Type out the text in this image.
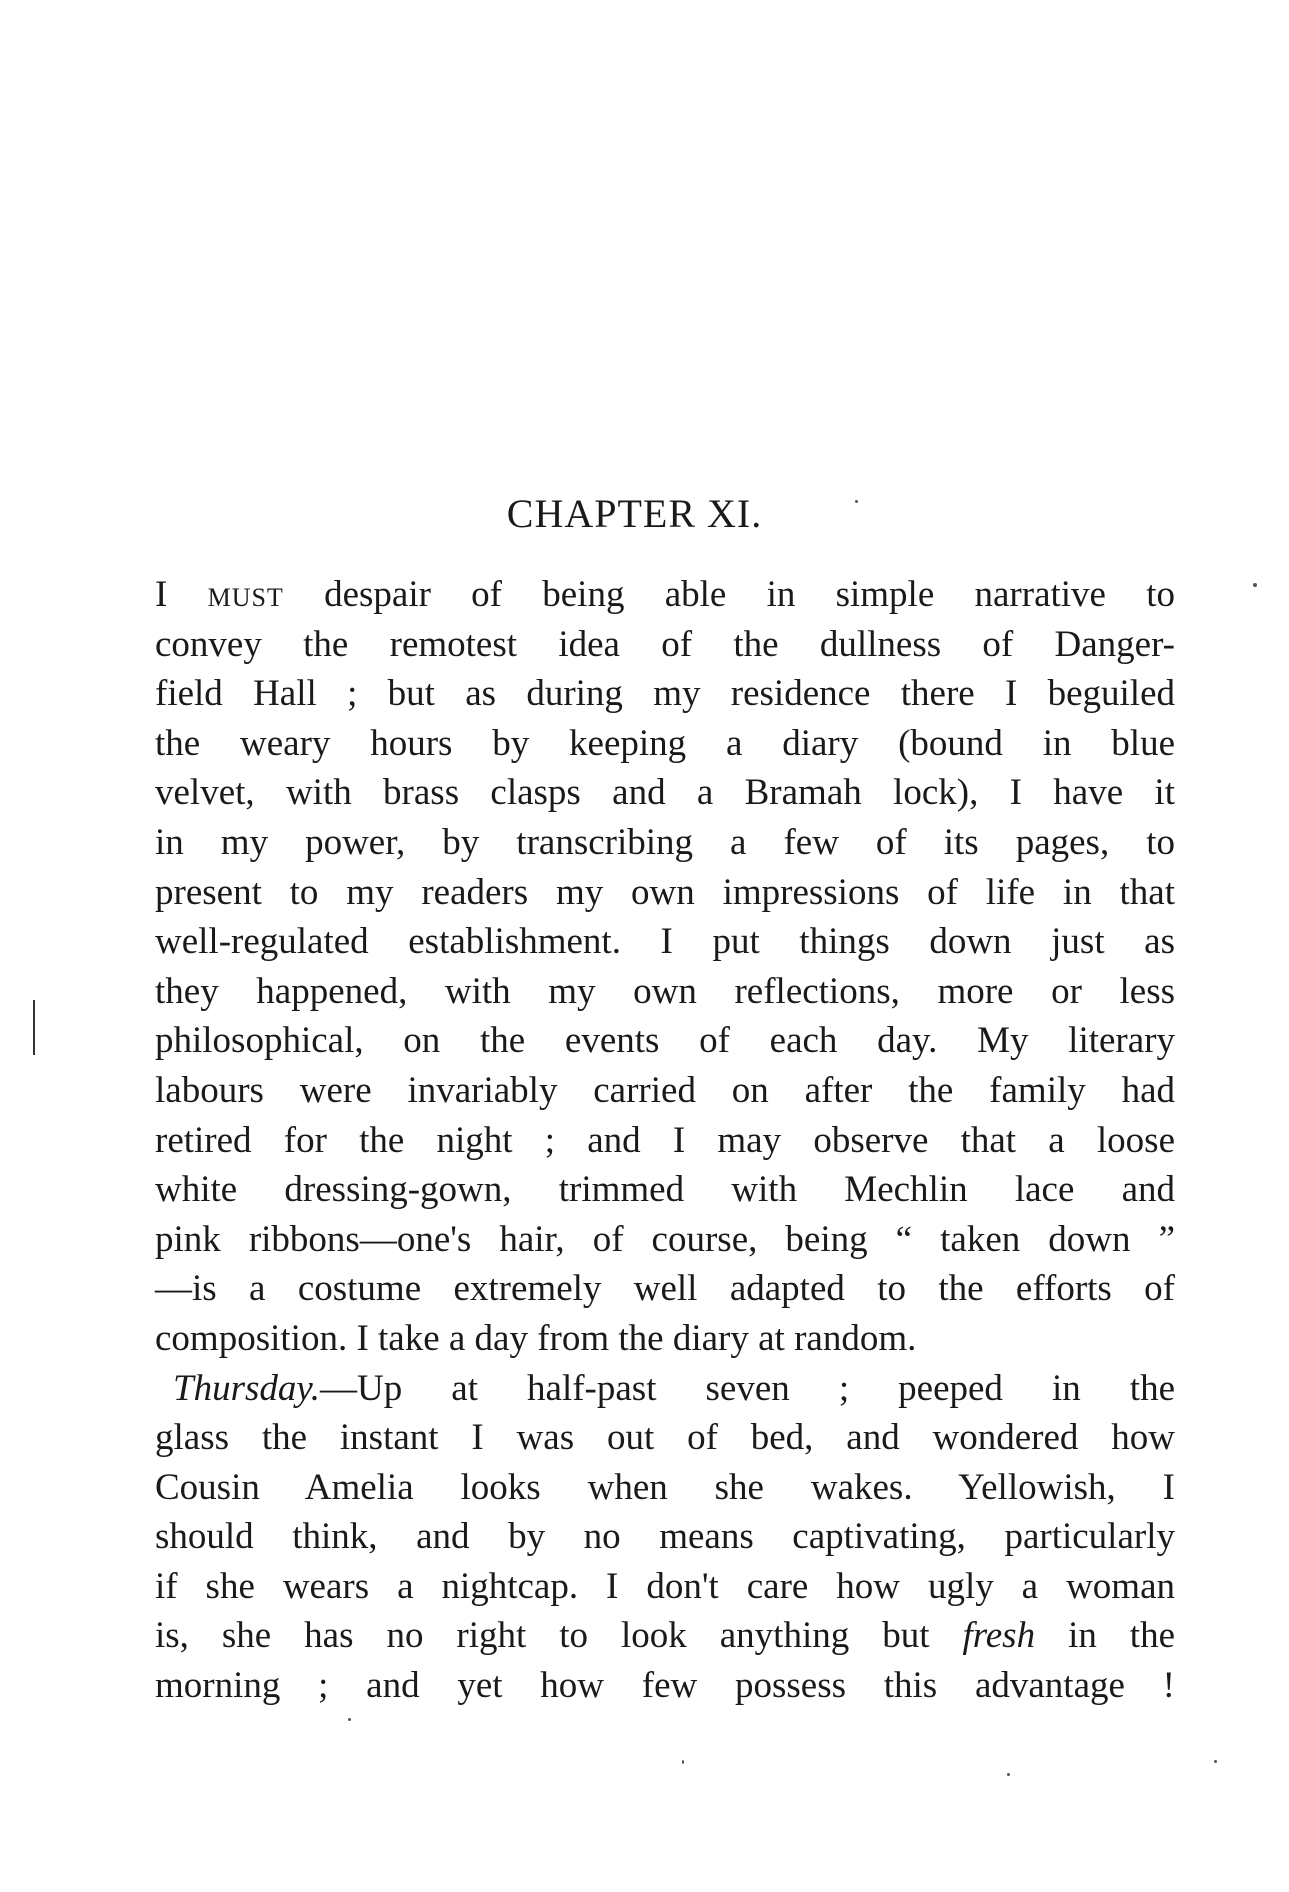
CHAPTER XI.
I must despair of being able in simple narrative to
convey the remotest idea of the dullness of Danger-
field Hall ; but as during my residence there I beguiled
the weary hours by keeping a diary (bound in blue
velvet, with brass clasps and a Bramah lock), I have it
in my power, by transcribing a few of its pages, to
present to my readers my own impressions of life in that
well-regulated establishment. I put things down just as
they happened, with my own reflections, more or less
philosophical, on the events of each day. My literary
labours were invariably carried on after the family had
retired for the night ; and I may observe that a loose
white dressing-gown, trimmed with Mechlin lace and
pink ribbons—one's hair, of course, being “ taken down ”
—is a costume extremely well adapted to the efforts of
composition. I take a day from the diary at random.
Thursday.—Up at half-past seven ; peeped in the
glass the instant I was out of bed, and wondered how
Cousin Amelia looks when she wakes. Yellowish, I
should think, and by no means captivating, particularly
if she wears a nightcap. I don't care how ugly a woman
is, she has no right to look anything but fresh in the
morning ; and yet how few possess this advantage !
